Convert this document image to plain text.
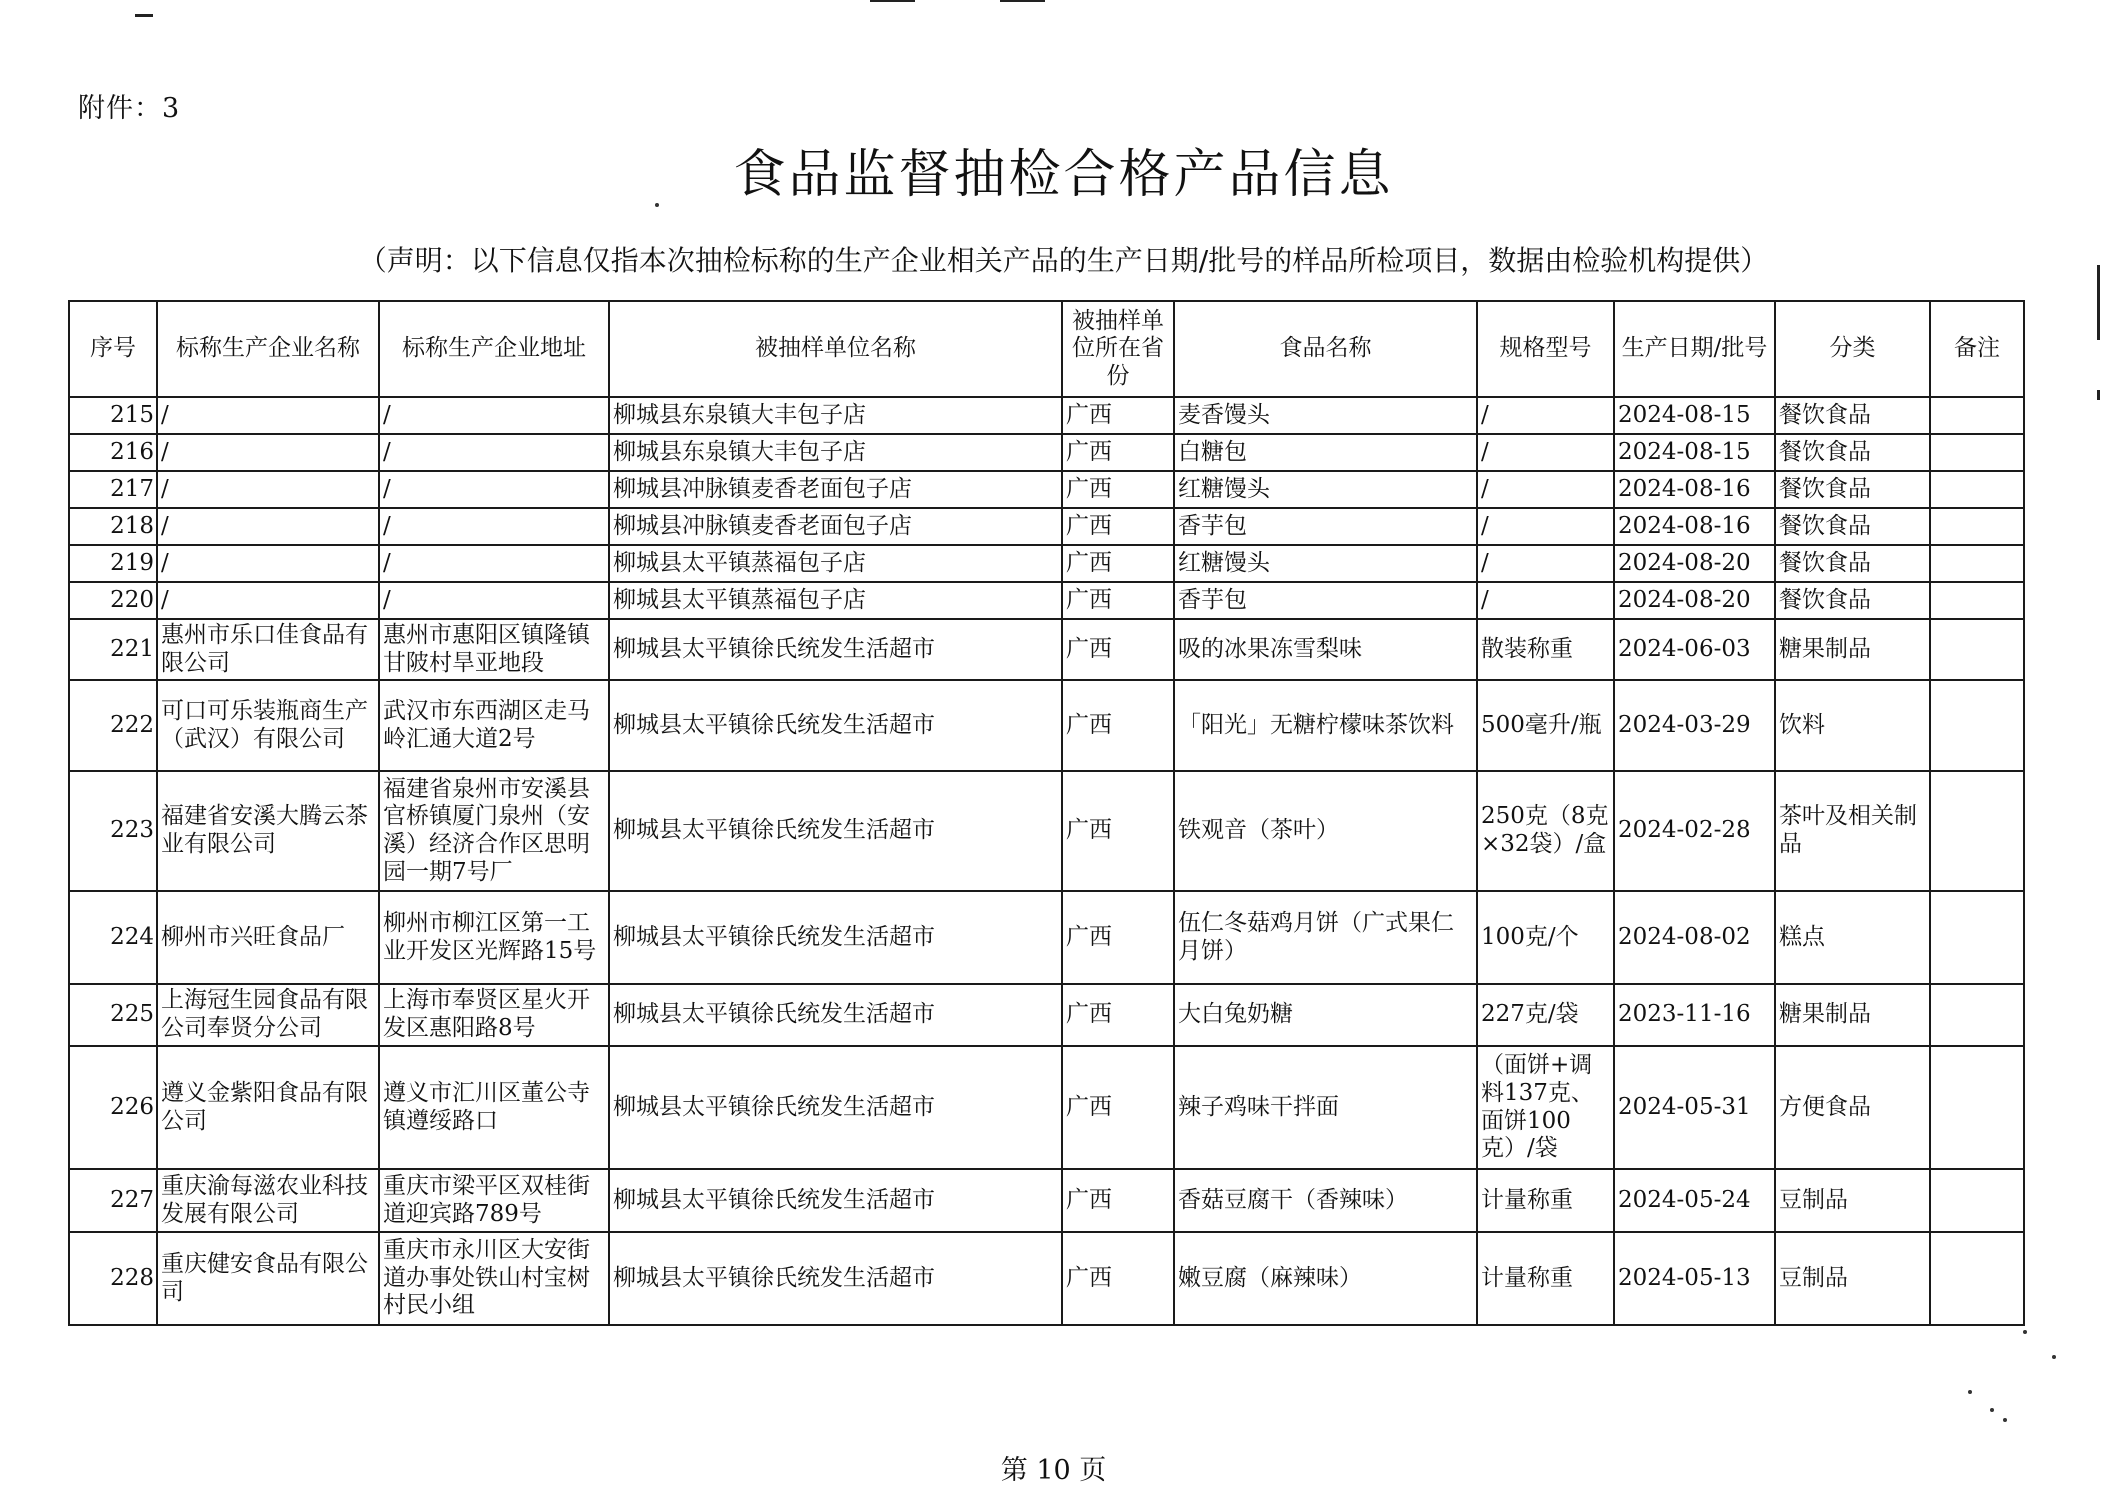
附件：3
食品监督抽检合格产品信息
（声明：以下信息仅指本次抽检标称的生产企业相关产品的生产日期/批号的样品所检项目，数据由检验机构提供）
序号	标称生产企业名称	标称生产企业地址	被抽样单位名称	被抽样单位所在省份	食品名称	规格型号	生产日期/批号	分类	备注
215	/	/	柳城县东泉镇大丰包子店	广西	麦香馒头	/	2024-08-15	餐饮食品	
216	/	/	柳城县东泉镇大丰包子店	广西	白糖包	/	2024-08-15	餐饮食品	
217	/	/	柳城县冲脉镇麦香老面包子店	广西	红糖馒头	/	2024-08-16	餐饮食品	
218	/	/	柳城县冲脉镇麦香老面包子店	广西	香芋包	/	2024-08-16	餐饮食品	
219	/	/	柳城县太平镇蒸福包子店	广西	红糖馒头	/	2024-08-20	餐饮食品	
220	/	/	柳城县太平镇蒸福包子店	广西	香芋包	/	2024-08-20	餐饮食品	
221	惠州市乐口佳食品有限公司	惠州市惠阳区镇隆镇甘陂村旱亚地段	柳城县太平镇徐氏统发生活超市	广西	吸的冰果冻雪梨味	散装称重	2024-06-03	糖果制品	
222	可口可乐装瓶商生产（武汉）有限公司	武汉市东西湖区走马岭汇通大道2号	柳城县太平镇徐氏统发生活超市	广西	「阳光」无糖柠檬味茶饮料	500毫升/瓶	2024-03-29	饮料	
223	福建省安溪大腾云茶业有限公司	福建省泉州市安溪县官桥镇厦门泉州（安溪）经济合作区思明园一期7号厂	柳城县太平镇徐氏统发生活超市	广西	铁观音（茶叶）	250克（8克×32袋）/盒	2024-02-28	茶叶及相关制品	
224	柳州市兴旺食品厂	柳州市柳江区第一工业开发区光辉路15号	柳城县太平镇徐氏统发生活超市	广西	伍仁冬菇鸡月饼（广式果仁月饼）	100克/个	2024-08-02	糕点	
225	上海冠生园食品有限公司奉贤分公司	上海市奉贤区星火开发区惠阳路8号	柳城县太平镇徐氏统发生活超市	广西	大白兔奶糖	227克/袋	2023-11-16	糖果制品	
226	遵义金紫阳食品有限公司	遵义市汇川区董公寺镇遵绥路口	柳城县太平镇徐氏统发生活超市	广西	辣子鸡味干拌面	（面饼+调料137克、面饼100克）/袋	2024-05-31	方便食品	
227	重庆渝每滋农业科技发展有限公司	重庆市梁平区双桂街道迎宾路789号	柳城县太平镇徐氏统发生活超市	广西	香菇豆腐干（香辣味）	计量称重	2024-05-24	豆制品	
228	重庆健安食品有限公司	重庆市永川区大安街道办事处铁山村宝树村民小组	柳城县太平镇徐氏统发生活超市	广西	嫩豆腐（麻辣味）	计量称重	2024-05-13	豆制品	
第 10 页
